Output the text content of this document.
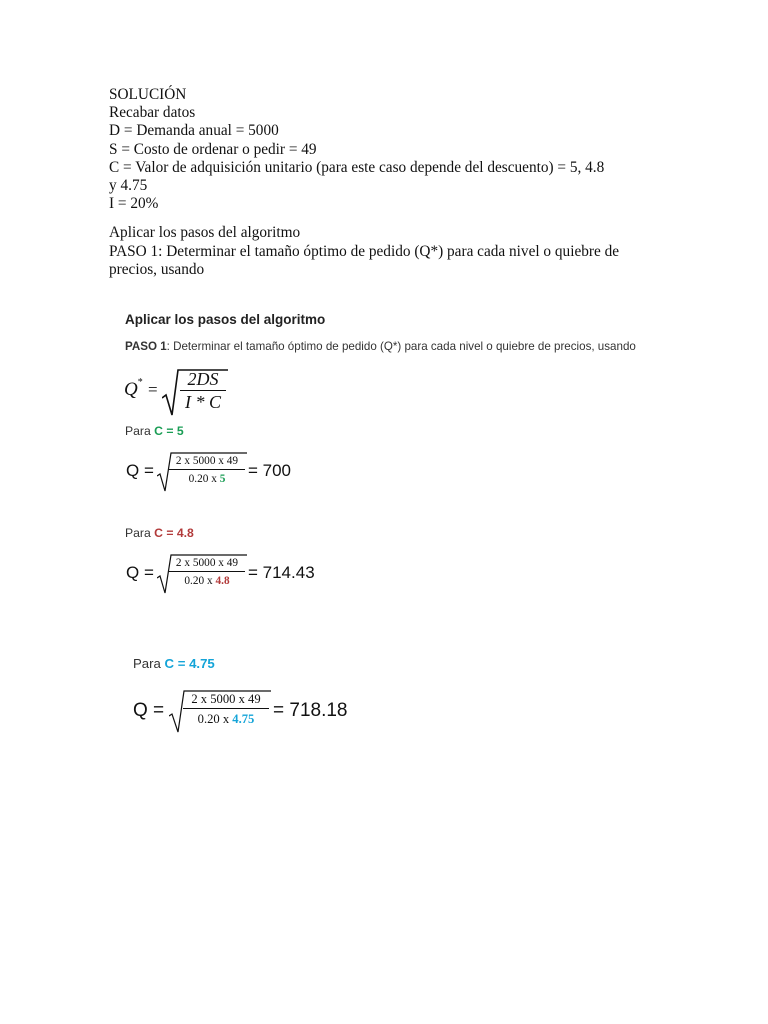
SOLUCIÓN
Recabar datos
D = Demanda anual = 5000
S = Costo de ordenar o pedir = 49
C = Valor de adquisición unitario (para este caso depende del descuento) = 5, 4.8
y 4.75
I = 20%
Aplicar los pasos del algoritmo
PASO 1: Determinar el tamaño óptimo de pedido (Q*) para cada nivel o quiebre de precios, usando
Aplicar los pasos del algoritmo
PASO 1: Determinar el tamaño óptimo de pedido (Q*) para cada nivel o quiebre de precios, usando
$Q^* = \frac{2DS}{I * C}$
Para C = 5
$Q = \frac{2 x 5000 x 49}{0.20 x 5} = 700$
Para C = 4.8
$Q = \frac{2 x 5000 x 49}{0.20 x 4.8} = 714.43$
Para C = 4.75
$Q = \frac{2 x 5000 x 49}{0.20 x 4.75} = 718.18$
